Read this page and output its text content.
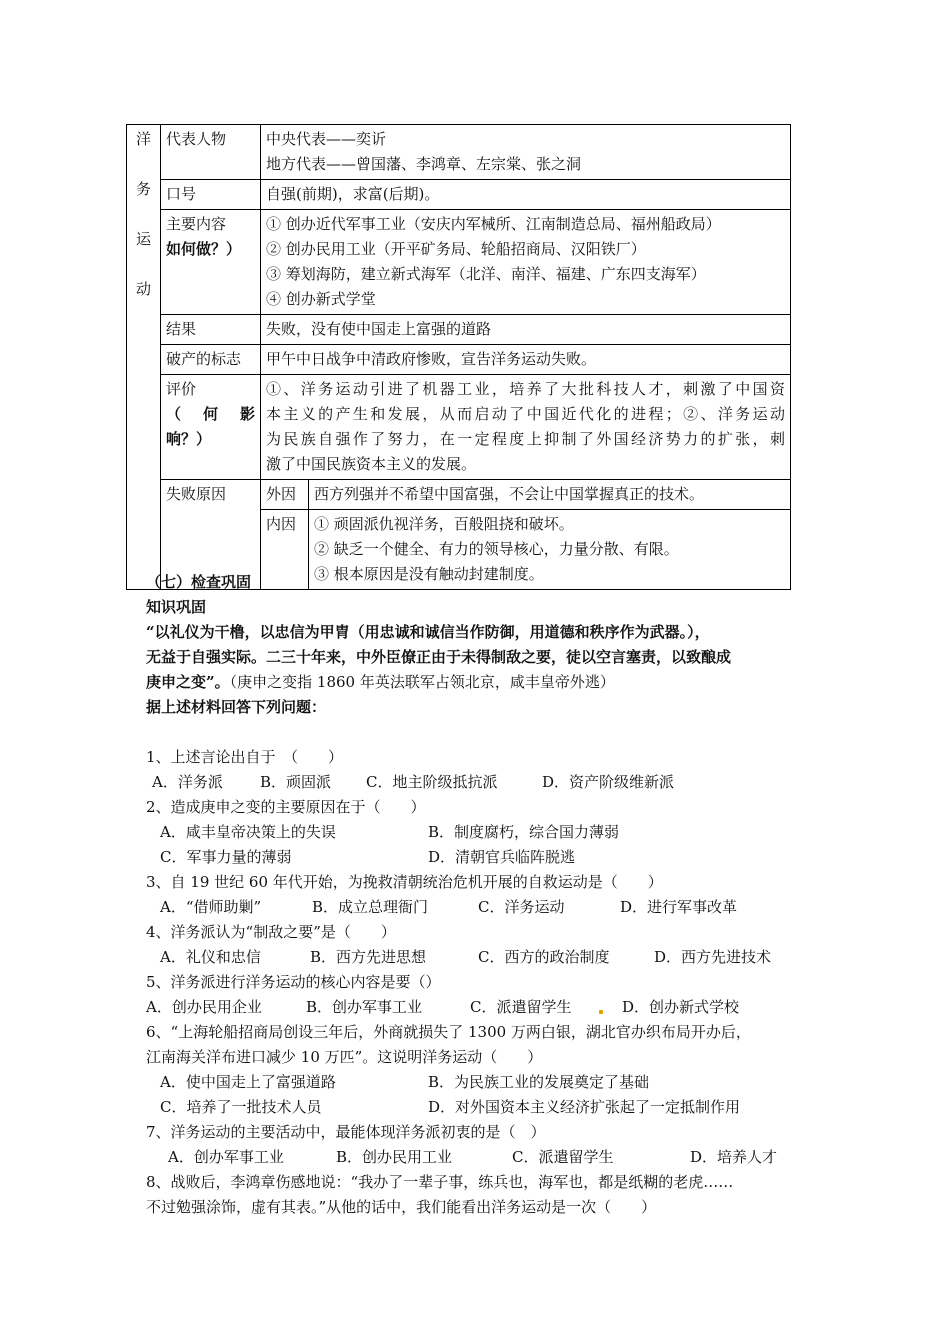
洋
务
运
动	代表人物	中央代表——奕䜣
地方代表——曾国藩、李鸿章、左宗棠、张之洞	

	口号	自强(前期)，求富(后期)。	

	主要内容
如何做？）	① 创办近代军事工业（安庆内军械所、江南制造总局、福州船政局）
② 创办民用工业（开平矿务局、轮船招商局、汉阳铁厂）
③ 筹划海防，建立新式海军（北洋、南洋、福建、广东四支海军）
④ 创办新式学堂	

	结果	失败，没有使中国走上富强的道路	
	破产的标志	甲午中日战争中清政府惨败，宣告洋务运动失败。	

	评价
（　何　影
响？）	①、洋务运动引进了机器工业，培养了大批科技人才，刺激了中国资
本主义的产生和发展，从而启动了中国近代化的进程；②、洋务运动
为民族自强作了努力，在一定程度上抑制了外国经济势力的扩张，刺
激了中国民族资本主义的发展。	

	失败原因	外因	西方列强并不希望中国富强，不会让中国掌握真正的技术。
		内因	① 顽固派仇视洋务，百般阻挠和破坏。
② 缺乏一个健全、有力的领导核心，力量分散、有限。
③ 根本原因是没有触动封建制度。

（七）检查巩固

知识巩固

“以礼仪为干橹，以忠信为甲胄（用忠诚和诚信当作防御，用道德和秩序作为武器。），

无益于自强实际。二三十年来，中外臣僚正由于未得制敌之要，徒以空言塞责，以致酿成

庚申之变”。（庚申之变指 1860 年英法联军占领北京，咸丰皇帝外逃）

据上述材料回答下列问题：

1、上述言论出自于　（　　）

A．洋务派	B．顽固派	C．地主阶级抵抗派	D．资产阶级维新派

2、造成庚申之变的主要原因在于（　　）

A．咸丰皇帝决策上的失误	B．制度腐朽，综合国力薄弱
C．军事力量的薄弱	D．清朝官兵临阵脱逃

3、自 19 世纪 60 年代开始，为挽救清朝统治危机开展的自救运动是（　　）

A．“借师助剿”	B．成立总理衙门	C．洋务运动	D．进行军事改革

4、洋务派认为“制敌之要”是（　　）

A．礼仪和忠信	B．西方先进思想	C．西方的政治制度	D．西方先进技术

5、洋务派进行洋务运动的核心内容是要（）

A．创办民用企业	B．创办军事工业	C．派遣留学生	D．创办新式学校

6、“上海轮船招商局创设三年后，外商就损失了 1300 万两白银，湖北官办织布局开办后，

江南海关洋布进口减少 10 万匹”。这说明洋务运动（　　）

A．使中国走上了富强道路	B．为民族工业的发展奠定了基础
C．培养了一批技术人员	D．对外国资本主义经济扩张起了一定抵制作用

7、洋务运动的主要活动中，最能体现洋务派初衷的是（　）

A．创办军事工业	B．创办民用工业	C．派遣留学生	D．培养人才

8、战败后，李鸿章伤感地说：“我办了一辈子事，练兵也，海军也，都是纸糊的老虎……

不过勉强涂饰，虚有其表。”从他的话中，我们能看出洋务运动是一次（　　）
